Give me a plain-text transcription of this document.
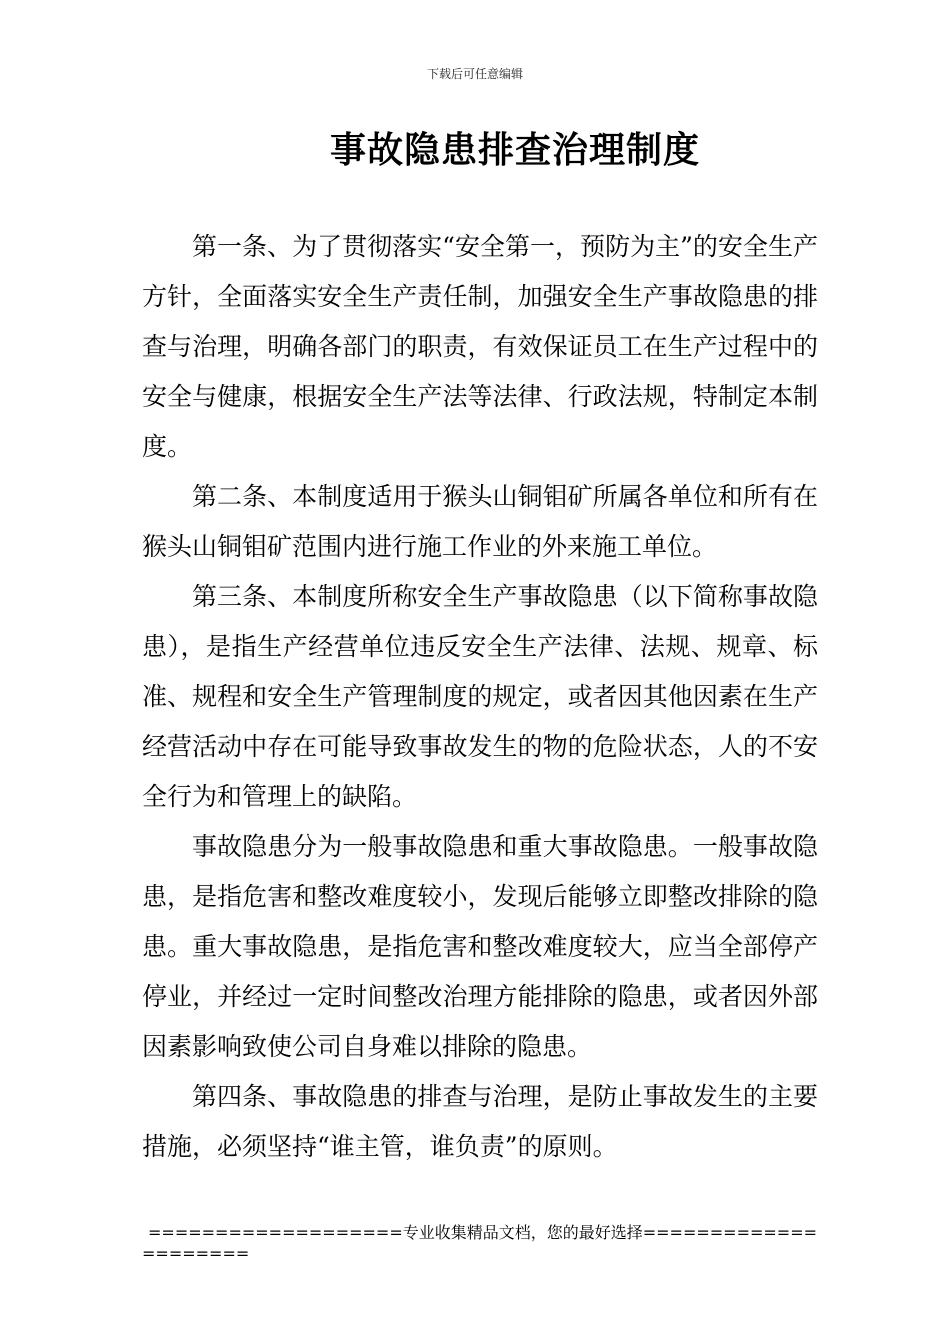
下载后可任意编辑
事故隐患排查治理制度

第一条、为了贯彻落实“安全第一，预防为主”的安全生产方针，全面落实安全生产责任制，加强安全生产事故隐患的排查与治理，明确各部门的职责，有效保证员工在生产过程中的安全与健康，根据安全生产法等法律、行政法规，特制定本制度。

第二条、本制度适用于猴头山铜钼矿所属各单位和所有在猴头山铜钼矿范围内进行施工作业的外来施工单位。

第三条、本制度所称安全生产事故隐患（以下简称事故隐患），是指生产经营单位违反安全生产法律、法规、规章、标准、规程和安全生产管理制度的规定，或者因其他因素在生产经营活动中存在可能导致事故发生的物的危险状态，人的不安全行为和管理上的缺陷。

事故隐患分为一般事故隐患和重大事故隐患。一般事故隐患，是指危害和整改难度较小，发现后能够立即整改排除的隐患。重大事故隐患，是指危害和整改难度较大，应当全部停产停业，并经过一定时间整改治理方能排除的隐患，或者因外部因素影响致使公司自身难以排除的隐患。

第四条、事故隐患的排查与治理，是防止事故发生的主要措施，必须坚持“谁主管，谁负责”的原则。

===================专业收集精品文档，您的最好选择=====================
